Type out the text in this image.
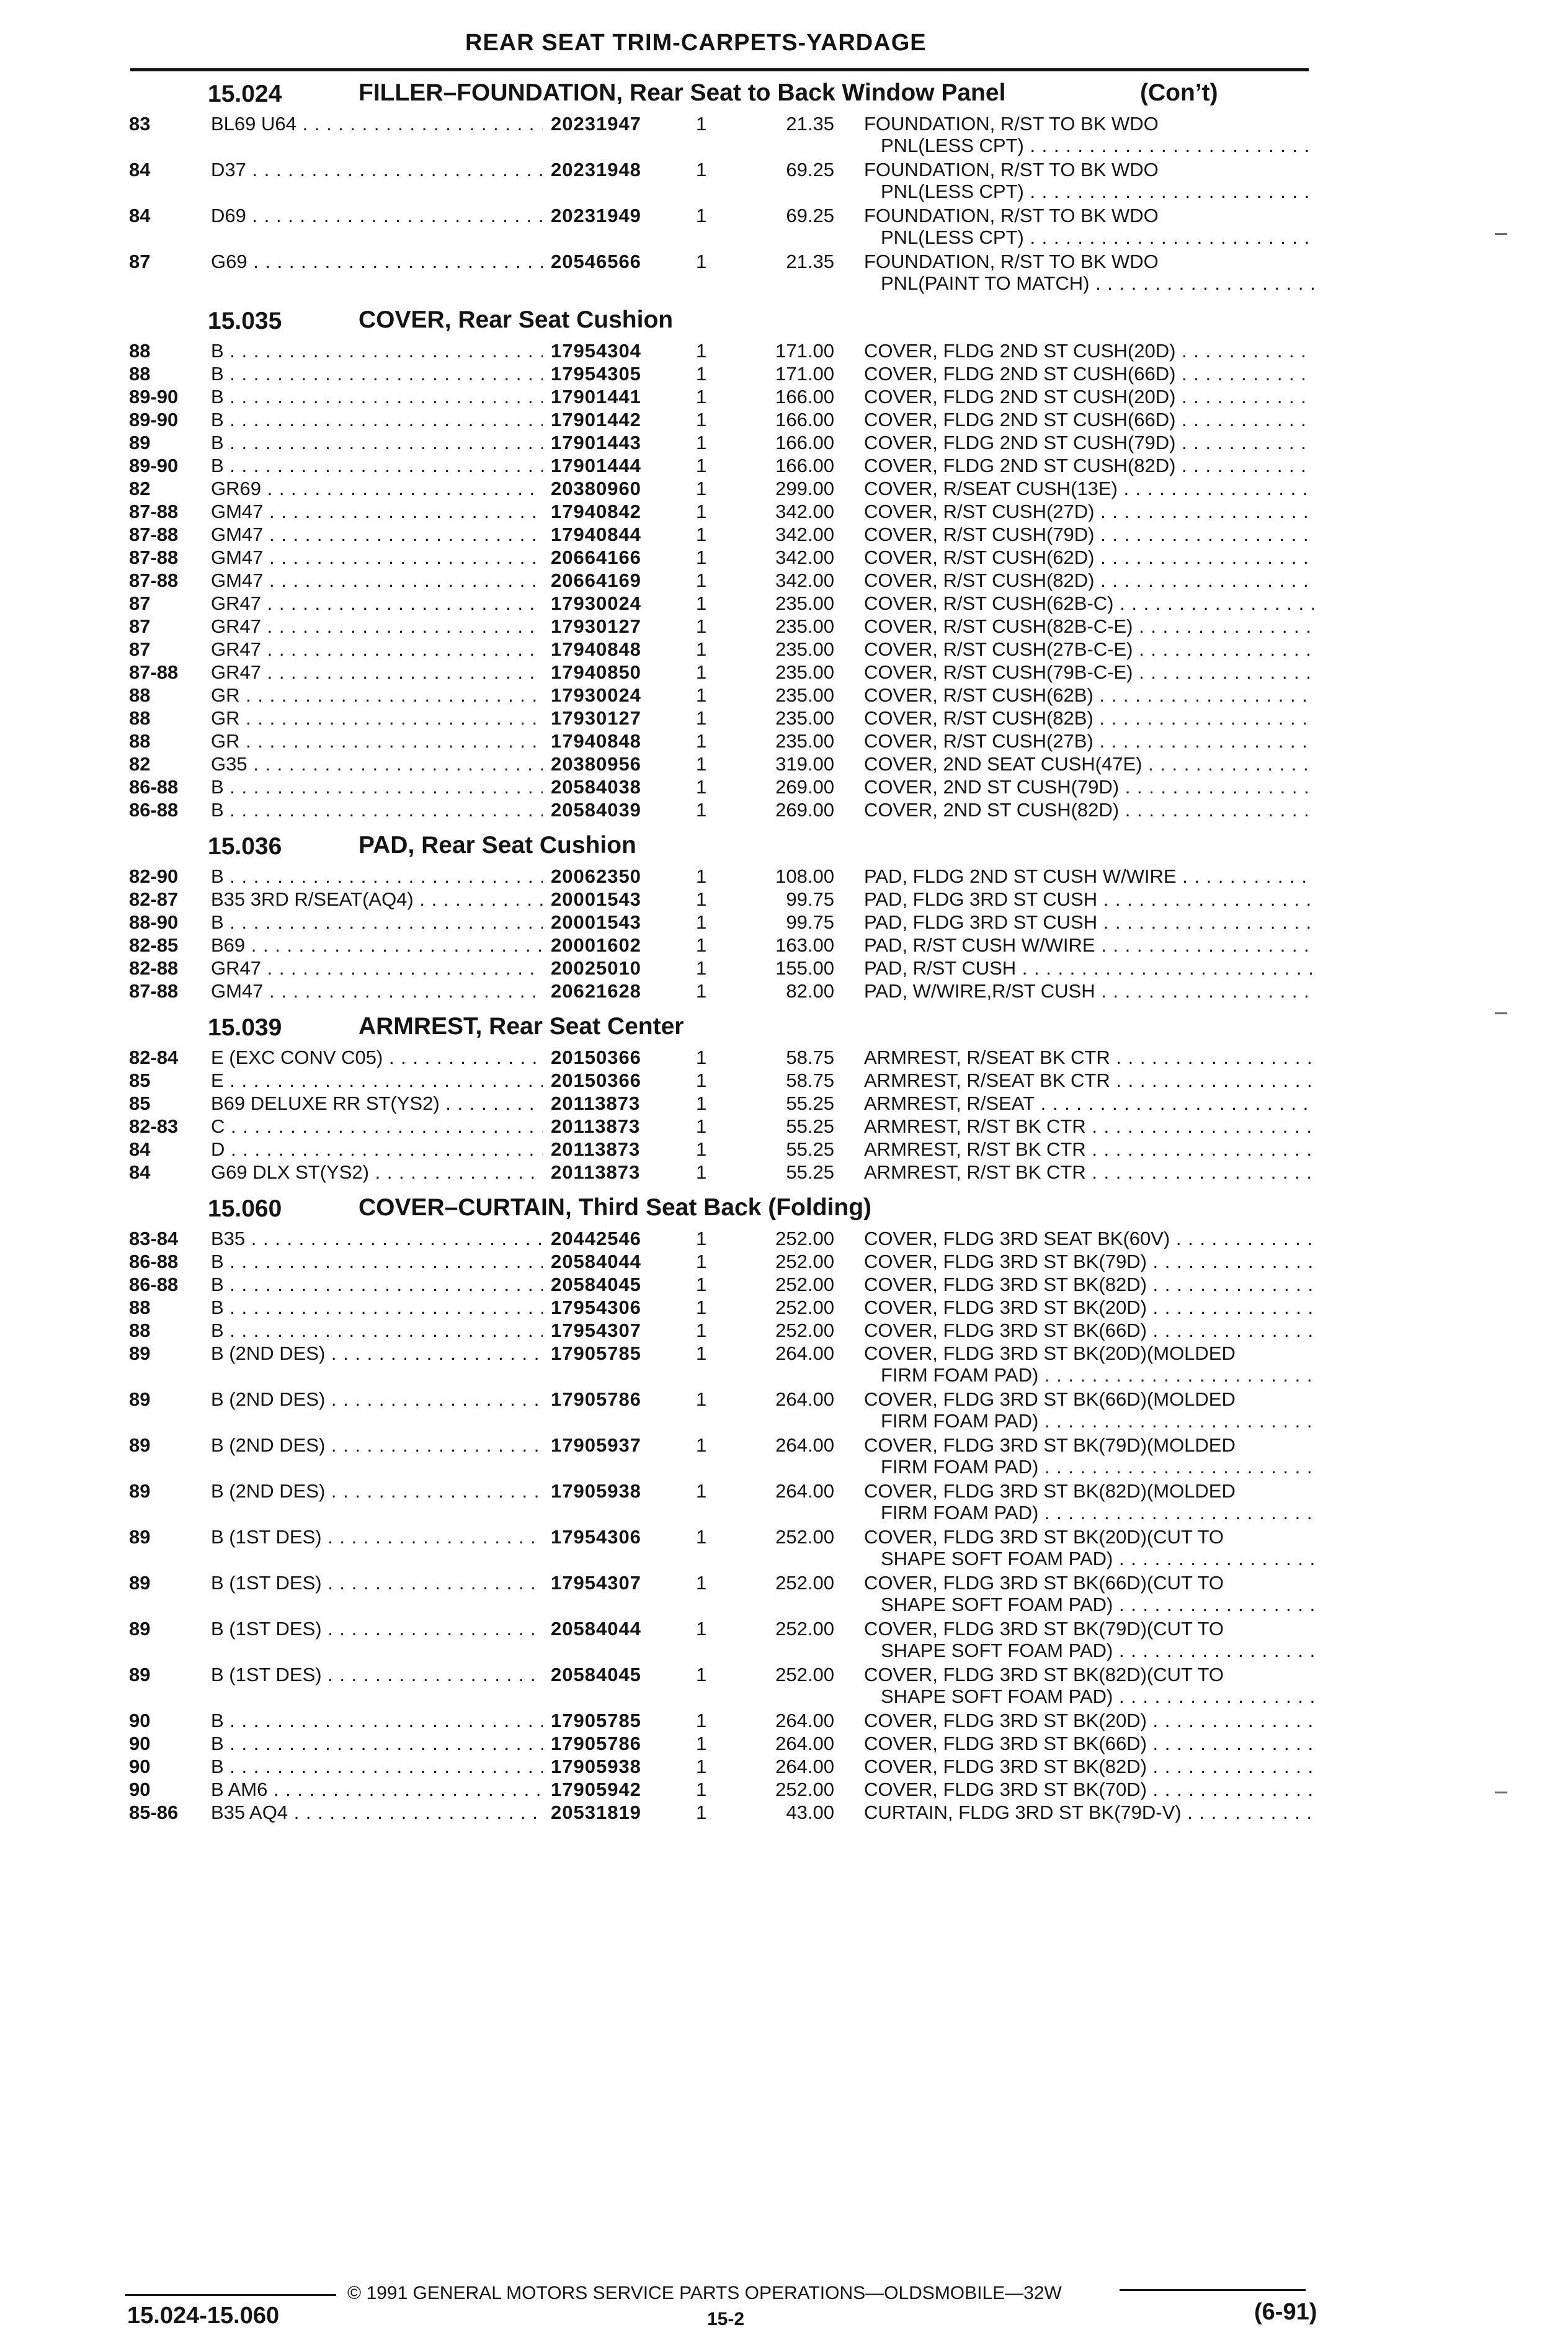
REAR SEAT TRIM-CARPETS-YARDAGE
15.024	FILLER–FOUNDATION, Rear Seat to Back Window Panel	(Con’t)
83	BL69 U64 . . .	20231947	1	21.35 FOUNDATION, R/ST TO BK WDO
PNL(LESS CPT) . . .
84	D37 . . .	20231948	1	69.25 FOUNDATION, R/ST TO BK WDO
PNL(LESS CPT) . . .
84	D69 . . .	20231949	1	69.25 FOUNDATION, R/ST TO BK WDO
PNL(LESS CPT) . . .
87	G69 . . .	20546566	1	21.35 FOUNDATION, R/ST TO BK WDO
PNL(PAINT TO MATCH) . . .
15.035	COVER, Rear Seat Cushion
88	B . . .	17954304	1	171.00 COVER, FLDG 2ND ST CUSH(20D) . . .
88	B . . .	17954305	1	171.00 COVER, FLDG 2ND ST CUSH(66D) . . .
89-90 B . . .	17901441	1	166.00 COVER, FLDG 2ND ST CUSH(20D) . . .
89-90 B . . .	17901442	1	166.00 COVER, FLDG 2ND ST CUSH(66D) . . .
89	B . . .	17901443	1	166.00 COVER, FLDG 2ND ST CUSH(79D) . . .
89-90 B . . .	17901444	1	166.00 COVER, FLDG 2ND ST CUSH(82D) . . .
82	GR69 . . .	20380960	1	299.00 COVER, R/SEAT CUSH(13E) . . .
87-88 GM47 . . .	17940842	1	342.00 COVER, R/ST CUSH(27D) . . .
87-88 GM47 . . .	17940844	1	342.00 COVER, R/ST CUSH(79D) . . .
87-88 GM47 . . .	20664166	1	342.00 COVER, R/ST CUSH(62D) . . .
87-88 GM47 . . .	20664169	1	342.00 COVER, R/ST CUSH(82D) . . .
87	GR47 . . .	17930024	1	235.00 COVER, R/ST CUSH(62B-C) . . .
87	GR47 . . .	17930127	1	235.00 COVER, R/ST CUSH(82B-C-E) . . .
87	GR47 . . .	17940848	1	235.00 COVER, R/ST CUSH(27B-C-E) . . .
87-88 GR47 . . .	17940850	1	235.00 COVER, R/ST CUSH(79B-C-E) . . .
88	GR . . .	17930024	1	235.00 COVER, R/ST CUSH(62B) . . .
88	GR . . .	17930127	1	235.00 COVER, R/ST CUSH(82B) . . .
88	GR . . .	17940848	1	235.00 COVER, R/ST CUSH(27B) . . .
82	G35 . . .	20380956	1	319.00 COVER, 2ND SEAT CUSH(47E) . . .
86-88 B . . .	20584038	1	269.00 COVER, 2ND ST CUSH(79D) . . .
86-88 B . . .	20584039	1	269.00 COVER, 2ND ST CUSH(82D) . . .
15.036	PAD, Rear Seat Cushion
82-90 B . . .	20062350	1	108.00 PAD, FLDG 2ND ST CUSH W/WIRE . . .
82-87 B35 3RD R/SEAT(AQ4) . . .	20001543	1	99.75 PAD, FLDG 3RD ST CUSH . . .
88-90 B . . .	20001543	1	99.75 PAD, FLDG 3RD ST CUSH . . .
82-85 B69 . . .	20001602	1	163.00 PAD, R/ST CUSH W/WIRE . . .
82-88 GR47 . . .	20025010	1	155.00 PAD, R/ST CUSH . . .
87-88 GM47 . . .	20621628	1	82.00 PAD, W/WIRE,R/ST CUSH . . .
15.039	ARMREST, Rear Seat Center
82-84 E (EXC CONV C05) . . .	20150366	1	58.75 ARMREST, R/SEAT BK CTR . . .
85	E . . .	20150366	1	58.75 ARMREST, R/SEAT BK CTR . . .
85	B69 DELUXE RR ST(YS2) . . .	20113873	1	55.25 ARMREST, R/SEAT . . .
82-83 C . . .	20113873	1	55.25 ARMREST, R/ST BK CTR . . .
84	D . . .	20113873	1	55.25 ARMREST, R/ST BK CTR . . .
84	G69 DLX ST(YS2) . . .	20113873	1	55.25 ARMREST, R/ST BK CTR . . .
15.060	COVER–CURTAIN, Third Seat Back (Folding)
83-84 B35 . . .	20442546	1	252.00 COVER, FLDG 3RD SEAT BK(60V) . . .
86-88 B . . .	20584044	1	252.00 COVER, FLDG 3RD ST BK(79D) . . .
86-88 B . . .	20584045	1	252.00 COVER, FLDG 3RD ST BK(82D) . . .
88	B . . .	17954306	1	252.00 COVER, FLDG 3RD ST BK(20D) . . .
88	B . . .	17954307	1	252.00 COVER, FLDG 3RD ST BK(66D) . . .
89	B (2ND DES) . . .	17905785	1	264.00 COVER, FLDG 3RD ST BK(20D)(MOLDED
FIRM FOAM PAD) . . .
89	B (2ND DES) . . .	17905786	1	264.00 COVER, FLDG 3RD ST BK(66D)(MOLDED
FIRM FOAM PAD) . . .
89	B (2ND DES) . . .	17905937	1	264.00 COVER, FLDG 3RD ST BK(79D)(MOLDED
FIRM FOAM PAD) . . .
89	B (2ND DES) . . .	17905938	1	264.00 COVER, FLDG 3RD ST BK(82D)(MOLDED
FIRM FOAM PAD) . . .
89	B (1ST DES) . . .	17954306	1	252.00 COVER, FLDG 3RD ST BK(20D)(CUT TO
SHAPE SOFT FOAM PAD) . . .
89	B (1ST DES) . . .	17954307	1	252.00 COVER, FLDG 3RD ST BK(66D)(CUT TO
SHAPE SOFT FOAM PAD) . . .
89	B (1ST DES) . . .	20584044	1	252.00 COVER, FLDG 3RD ST BK(79D)(CUT TO
SHAPE SOFT FOAM PAD) . . .
89	B (1ST DES) . . .	20584045	1	252.00 COVER, FLDG 3RD ST BK(82D)(CUT TO
SHAPE SOFT FOAM PAD) . . .
90	B . . .	17905785	1	264.00 COVER, FLDG 3RD ST BK(20D) . . .
90	B . . .	17905786	1	264.00 COVER, FLDG 3RD ST BK(66D) . . .
90	B . . .	17905938	1	264.00 COVER, FLDG 3RD ST BK(82D) . . .
90	B AM6 . . .	17905942	1	252.00 COVER, FLDG 3RD ST BK(70D) . . .
85-86 B35 AQ4 . . .	20531819	1	43.00 CURTAIN, FLDG 3RD ST BK(79D-V) . . .
© 1991 GENERAL MOTORS SERVICE PARTS OPERATIONS—OLDSMOBILE—32W
15.024-15.060	15-2	(6-91)
